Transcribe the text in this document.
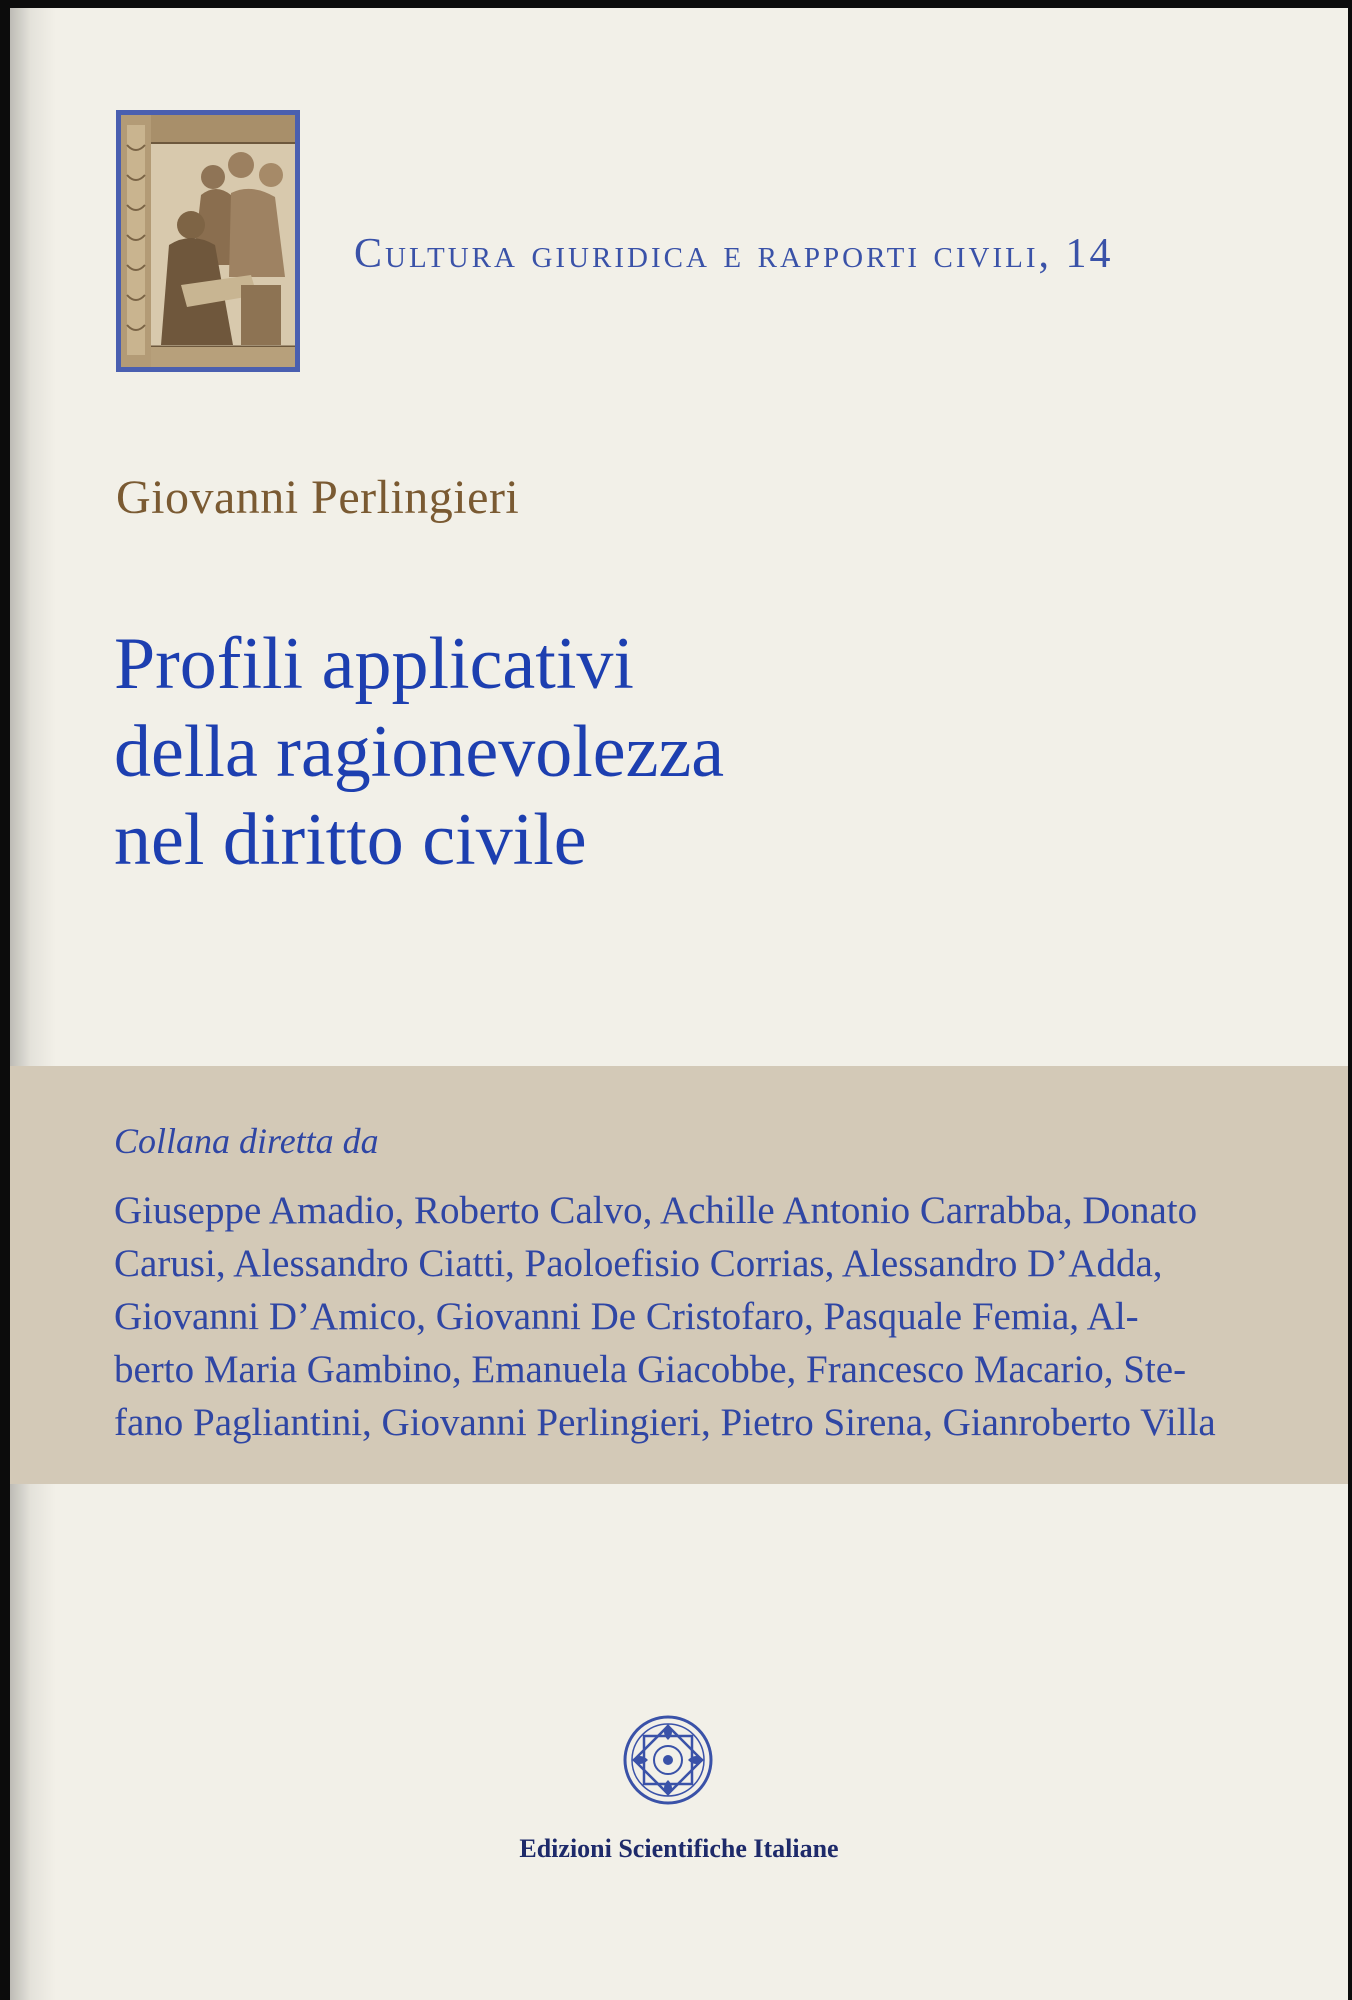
Cultura giuridica e rapporti civili, 14
Giovanni Perlingieri
Profili applicativi
della ragionevolezza
nel diritto civile
Collana diretta da
Giuseppe Amadio, Roberto Calvo, Achille Antonio Carrabba, Donato
Carusi, Alessandro Ciatti, Paoloefisio Corrias, Alessandro D’Adda,
Giovanni D’Amico, Giovanni De Cristofaro, Pasquale Femia, Al-
berto Maria Gambino, Emanuela Giacobbe, Francesco Macario, Ste-
fano Pagliantini, Giovanni Perlingieri, Pietro Sirena, Gianroberto Villa
Edizioni Scientifiche Italiane
